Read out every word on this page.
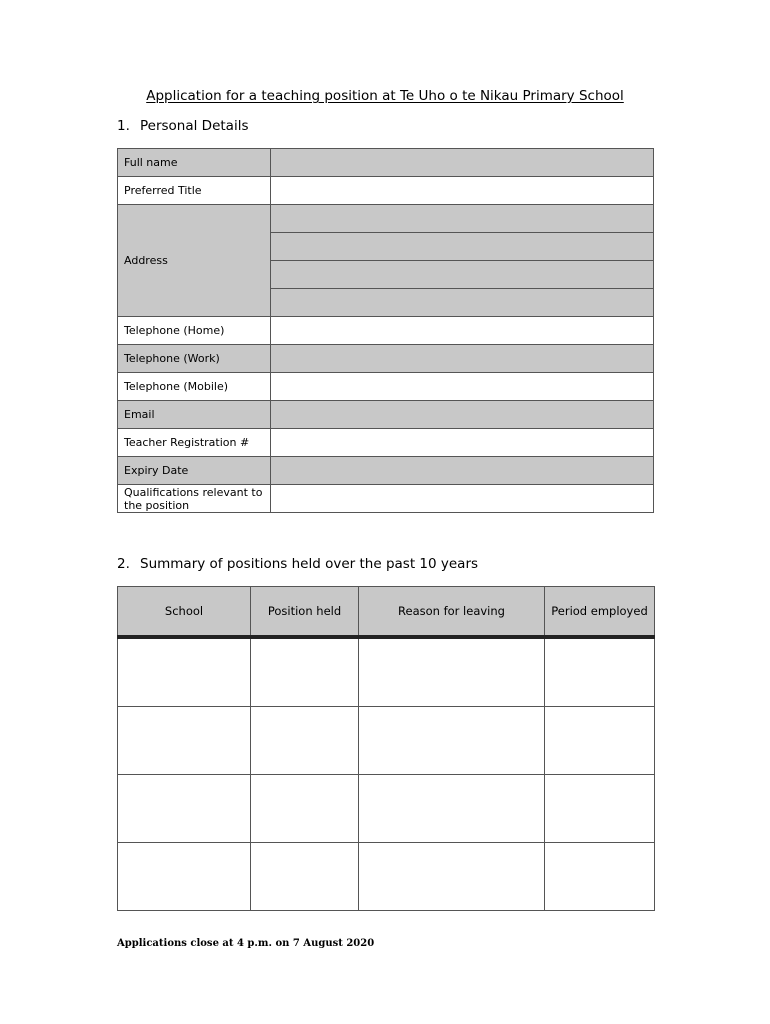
Application for a teaching position at Te Uho o te Nikau Primary School
1. Personal Details
Full name	
Preferred Title	
Address	

Telephone (Home)	
Telephone (Work)	
Telephone (Mobile)	
Email	
Teacher Registration #	
Expiry Date	
Qualifications relevant to the position	
2. Summary of positions held over the past 10 years
School	Position held	Reason for leaving	Period employed

Applications close at 4 p.m. on 7 August 2020
